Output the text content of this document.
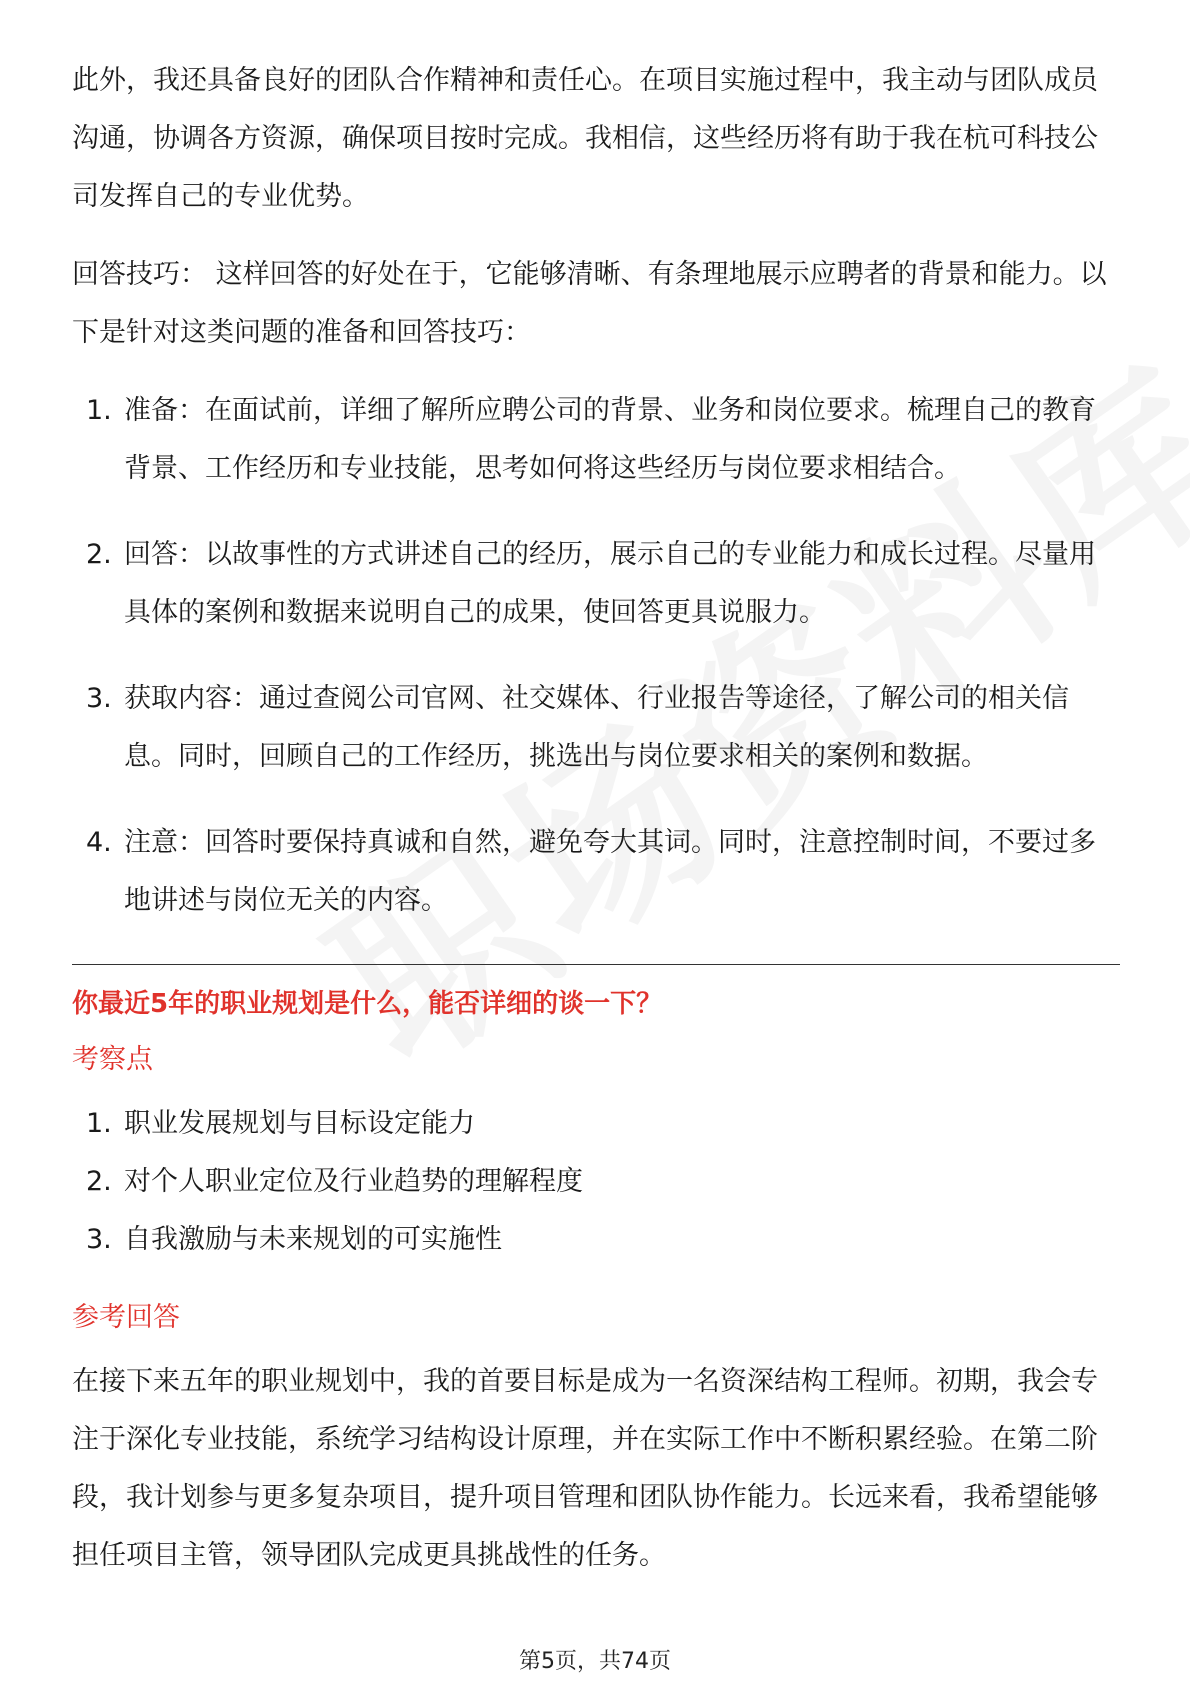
此外，我还具备良好的团队合作精神和责任心。在项目实施过程中，我主动与团队成员沟通，协调各方资源，确保项目按时完成。我相信，这些经历将有助于我在杭可科技公司发挥自己的专业优势。

回答技巧： 这样回答的好处在于，它能够清晰、有条理地展示应聘者的背景和能力。以下是针对这类问题的准备和回答技巧：

1. 准备：在面试前，详细了解所应聘公司的背景、业务和岗位要求。梳理自己的教育背景、工作经历和专业技能，思考如何将这些经历与岗位要求相结合。
2. 回答：以故事性的方式讲述自己的经历，展示自己的专业能力和成长过程。尽量用具体的案例和数据来说明自己的成果，使回答更具说服力。
3. 获取内容：通过查阅公司官网、社交媒体、行业报告等途径，了解公司的相关信息。同时，回顾自己的工作经历，挑选出与岗位要求相关的案例和数据。
4. 注意：回答时要保持真诚和自然，避免夸大其词。同时，注意控制时间，不要过多地讲述与岗位无关的内容。
你最近5年的职业规划是什么，能否详细的谈一下？
考察点
1. 职业发展规划与目标设定能力
2. 对个人职业定位及行业趋势的理解程度
3. 自我激励与未来规划的可实施性
参考回答

在接下来五年的职业规划中，我的首要目标是成为一名资深结构工程师。初期，我会专注于深化专业技能，系统学习结构设计原理，并在实际工作中不断积累经验。在第二阶段，我计划参与更多复杂项目，提升项目管理和团队协作能力。长远来看，我希望能够担任项目主管，领导团队完成更具挑战性的任务。

第5页，共74页
